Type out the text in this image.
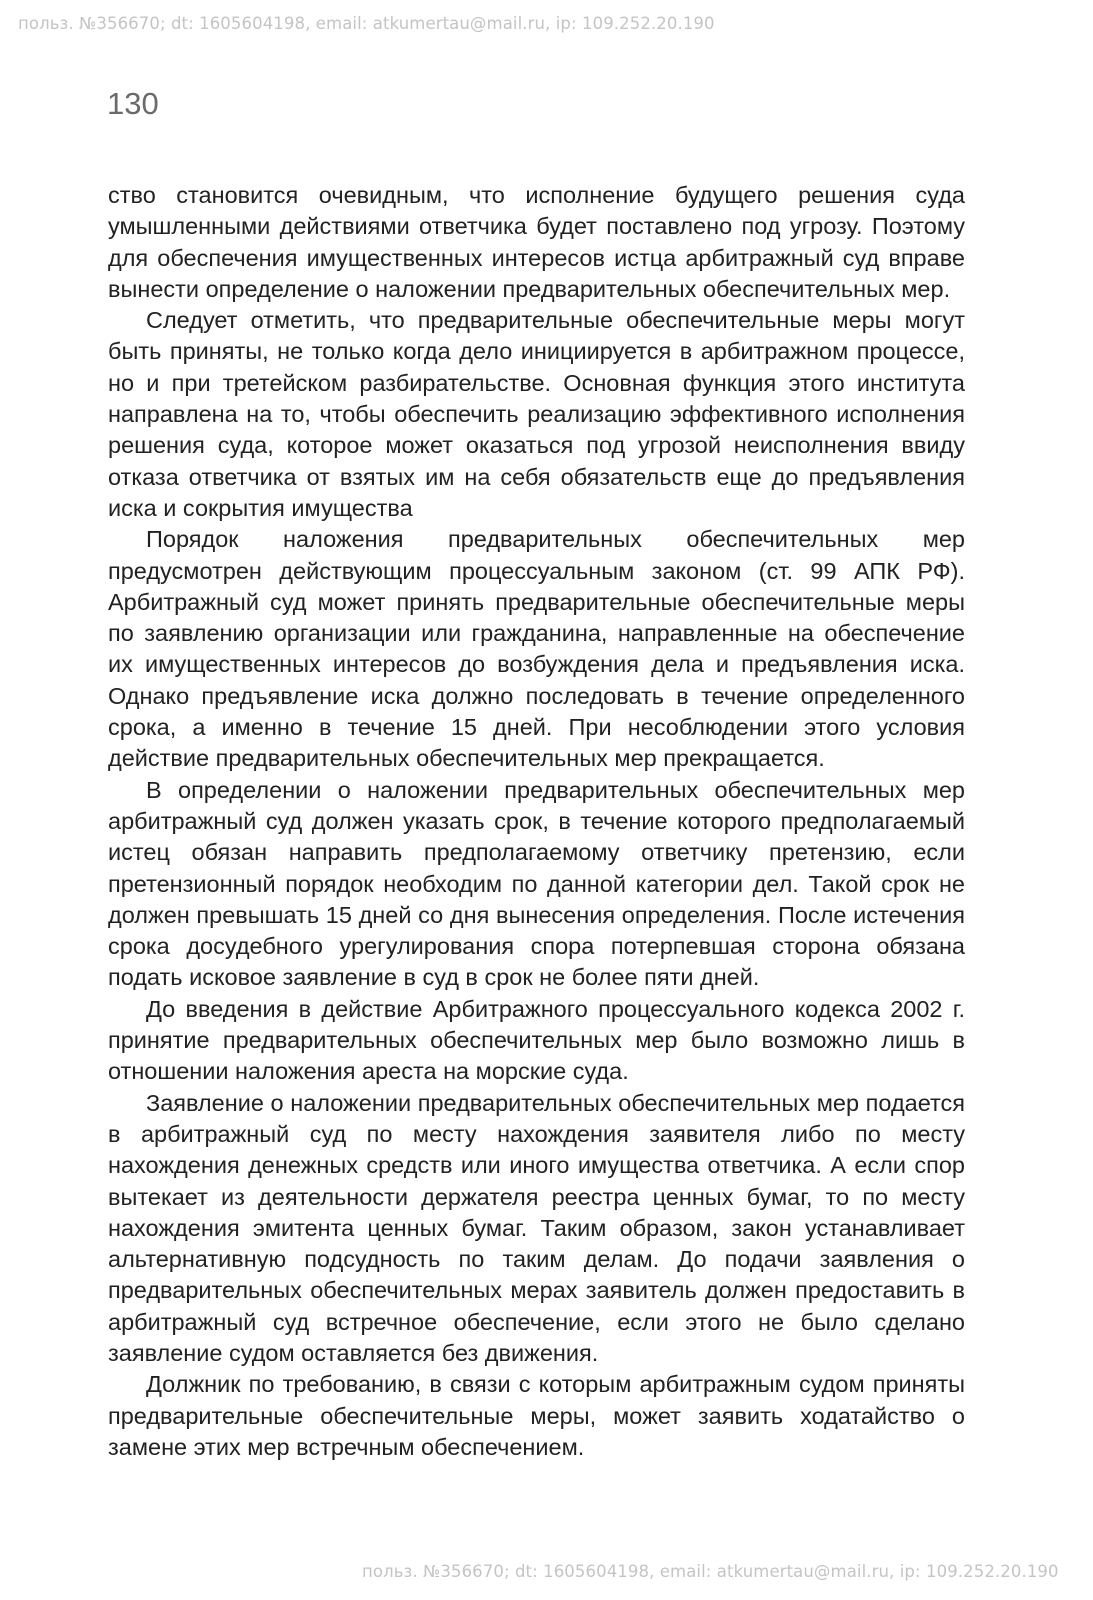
польз. №356670; dt: 1605604198, email: atkumertau@mail.ru, ip: 109.252.20.190
130

ство становится очевидным, что исполнение будущего решения суда умышленными действиями ответчика будет поставлено под угрозу. Поэтому для обеспечения имущественных интересов истца арбитражный суд вправе вынести определение о наложении предварительных обеспечительных мер.

Следует отметить, что предварительные обеспечительные меры могут быть приняты, не только когда дело инициируется в арбитражном процессе, но и при третейском разбирательстве. Основная функция этого института направлена на то, чтобы обеспечить реализацию эффективного исполнения решения суда, которое может оказаться под угрозой неисполнения ввиду отказа ответчика от взятых им на себя обязательств еще до предъявления иска и сокрытия имущества

Порядок наложения предварительных обеспечительных мер предусмотрен действующим процессуальным законом (ст. 99 АПК РФ). Арбитражный суд может принять предварительные обеспечительные меры по заявлению организации или гражданина, направленные на обеспечение их имущественных интересов до возбуждения дела и предъявления иска. Однако предъявление иска должно последовать в течение определенного срока, а именно в течение 15 дней. При несоблюдении этого условия действие предварительных обеспечительных мер прекращается.

В определении о наложении предварительных обеспечительных мер арбитражный суд должен указать срок, в течение которого предполагаемый истец обязан направить предполагаемому ответчику претензию, если претензионный порядок необходим по данной категории дел. Такой срок не должен превышать 15 дней со дня вынесения определения. После истечения срока досудебного урегулирования спора потерпевшая сторона обязана подать исковое заявление в суд в срок не более пяти дней.

До введения в действие Арбитражного процессуального кодекса 2002 г. принятие предварительных обеспечительных мер было возможно лишь в отношении наложения ареста на морские суда.

Заявление о наложении предварительных обеспечительных мер подается в арбитражный суд по месту нахождения заявителя либо по месту нахождения денежных средств или иного имущества ответчика. А если спор вытекает из деятельности держателя реестра ценных бумаг, то по месту нахождения эмитента ценных бумаг. Таким образом, закон устанавливает альтернативную подсудность по таким делам. До подачи заявления о предварительных обеспечительных мерах заявитель должен предоставить в арбитражный суд встречное обеспечение, если этого не было сделано заявление судом оставляется без движения.

Должник по требованию, в связи с которым арбитражным судом приняты предварительные обеспечительные меры, может заявить ходатайство о замене этих мер встречным обеспечением.

польз. №356670; dt: 1605604198, email: atkumertau@mail.ru, ip: 109.252.20.190
